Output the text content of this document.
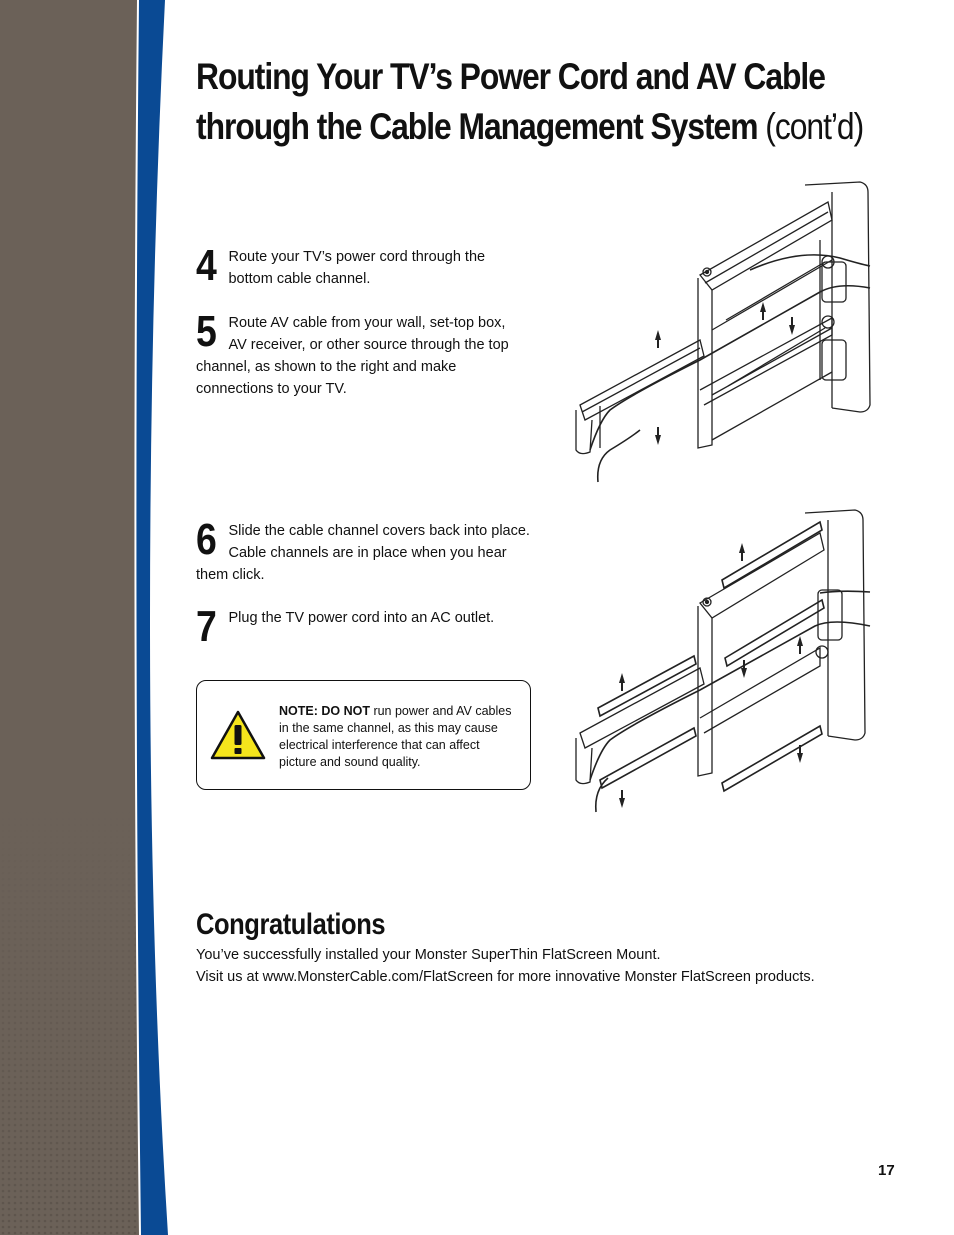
Routing Your TV’s Power Cord and AV Cable
through the Cable Management System (cont’d)
4 Route your TV’s power cord through the bottom cable channel.
5 Route AV cable from your wall, set-top box, AV receiver, or other source through the top channel, as shown to the right and make connections to your TV.
6 Slide the cable channel covers back into place. Cable channels are in place when you hear them click.
7 Plug the TV power cord into an AC outlet.
NOTE: DO NOT run power and AV cables in the same channel, as this may cause electrical interference that can affect picture and sound quality.
Congratulations
You’ve successfully installed your Monster SuperThin FlatScreen Mount.
Visit us at www.MonsterCable.com/FlatScreen for more innovative Monster FlatScreen products.
17
